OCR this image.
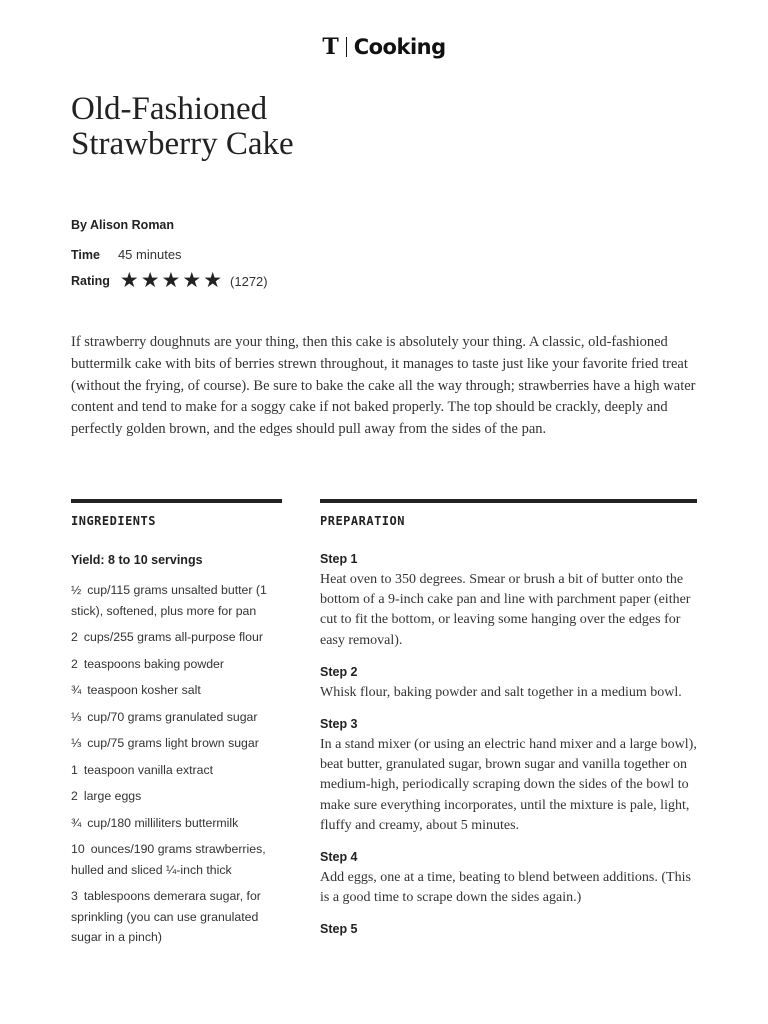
T Cooking
Old-Fashioned Strawberry Cake
By Alison Roman
Time 45 minutes
Rating ★ ★ ★ ★ ★ (1272)

If strawberry doughnuts are your thing, then this cake is absolutely your thing. A classic, old-fashioned buttermilk cake with bits of berries strewn throughout, it manages to taste just like your favorite fried treat (without the frying, of course). Be sure to bake the cake all the way through; strawberries have a high water content and tend to make for a soggy cake if not baked properly. The top should be crackly, deeply and perfectly golden brown, and the edges should pull away from the sides of the pan.

INGREDIENTS	PREPARATION
Yield: 8 to 10 servings
½ cup/115 grams unsalted butter (1 stick), softened, plus more for pan
2 cups/255 grams all-purpose flour
2 teaspoons baking powder
¾ teaspoon kosher salt
⅓ cup/70 grams granulated sugar
⅓ cup/75 grams light brown sugar
1 teaspoon vanilla extract
2 large eggs
¾ cup/180 milliliters buttermilk
10 ounces/190 grams strawberries, hulled and sliced ¼-inch thick
3 tablespoons demerara sugar, for sprinkling (you can use granulated sugar in a pinch)

Step 1

Heat oven to 350 degrees. Smear or brush a bit of butter onto the bottom of a 9-inch cake pan and line with parchment paper (either cut to fit the bottom, or leaving some hanging over the edges for easy removal).

Step 2

Whisk flour, baking powder and salt together in a medium bowl.

Step 3

In a stand mixer (or using an electric hand mixer and a large bowl), beat butter, granulated sugar, brown sugar and vanilla together on medium-high, periodically scraping down the sides of the bowl to make sure everything incorporates, until the mixture is pale, light, fluffy and creamy, about 5 minutes.

Step 4

Add eggs, one at a time, beating to blend between additions. (This is a good time to scrape down the sides again.)

Step 5
